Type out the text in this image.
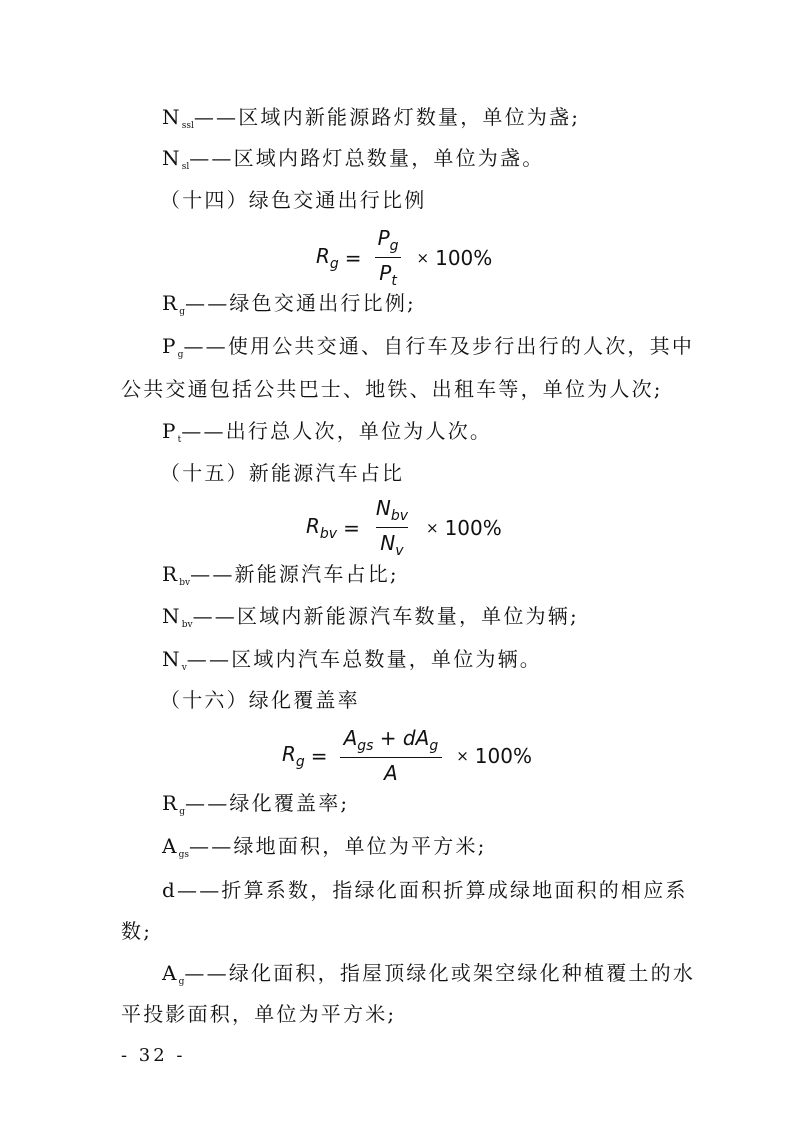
$N_{ssl}——$区域内新能源路灯数量，单位为盏;
$N_{sl}——$区域内路灯总数量，单位为盏。
（十四）绿色交通出行比例
$R_g = \frac{P_g}{P_t} \times 100\%$
$R_g——$绿色交通出行比例;
$P_g——$使用公共交通、自行车及步行出行的人次，其中
公共交通包括公共巴士、地铁、出租车等，单位为人次;
$P_t——$出行总人次，单位为人次。
（十五）新能源汽车占比
$R_{bv} = \frac{N_{bv}}{N_v} \times 100\%$
$R_{bv}——$新能源汽车占比;
$N_{bv}——$区域内新能源汽车数量，单位为辆;
$N_v——$区域内汽车总数量，单位为辆。
（十六）绿化覆盖率
$R_g = \frac{A_{gs} + dA_g}{A} \times 100\%$
$R_g——$绿化覆盖率;
$A_{gs}——$绿地面积，单位为平方米;
d——折算系数，指绿化面积折算成绿地面积的相应系
数;
$A_g——$绿化面积，指屋顶绿化或架空绿化种植覆土的水
平投影面积，单位为平方米;
- 32 -
